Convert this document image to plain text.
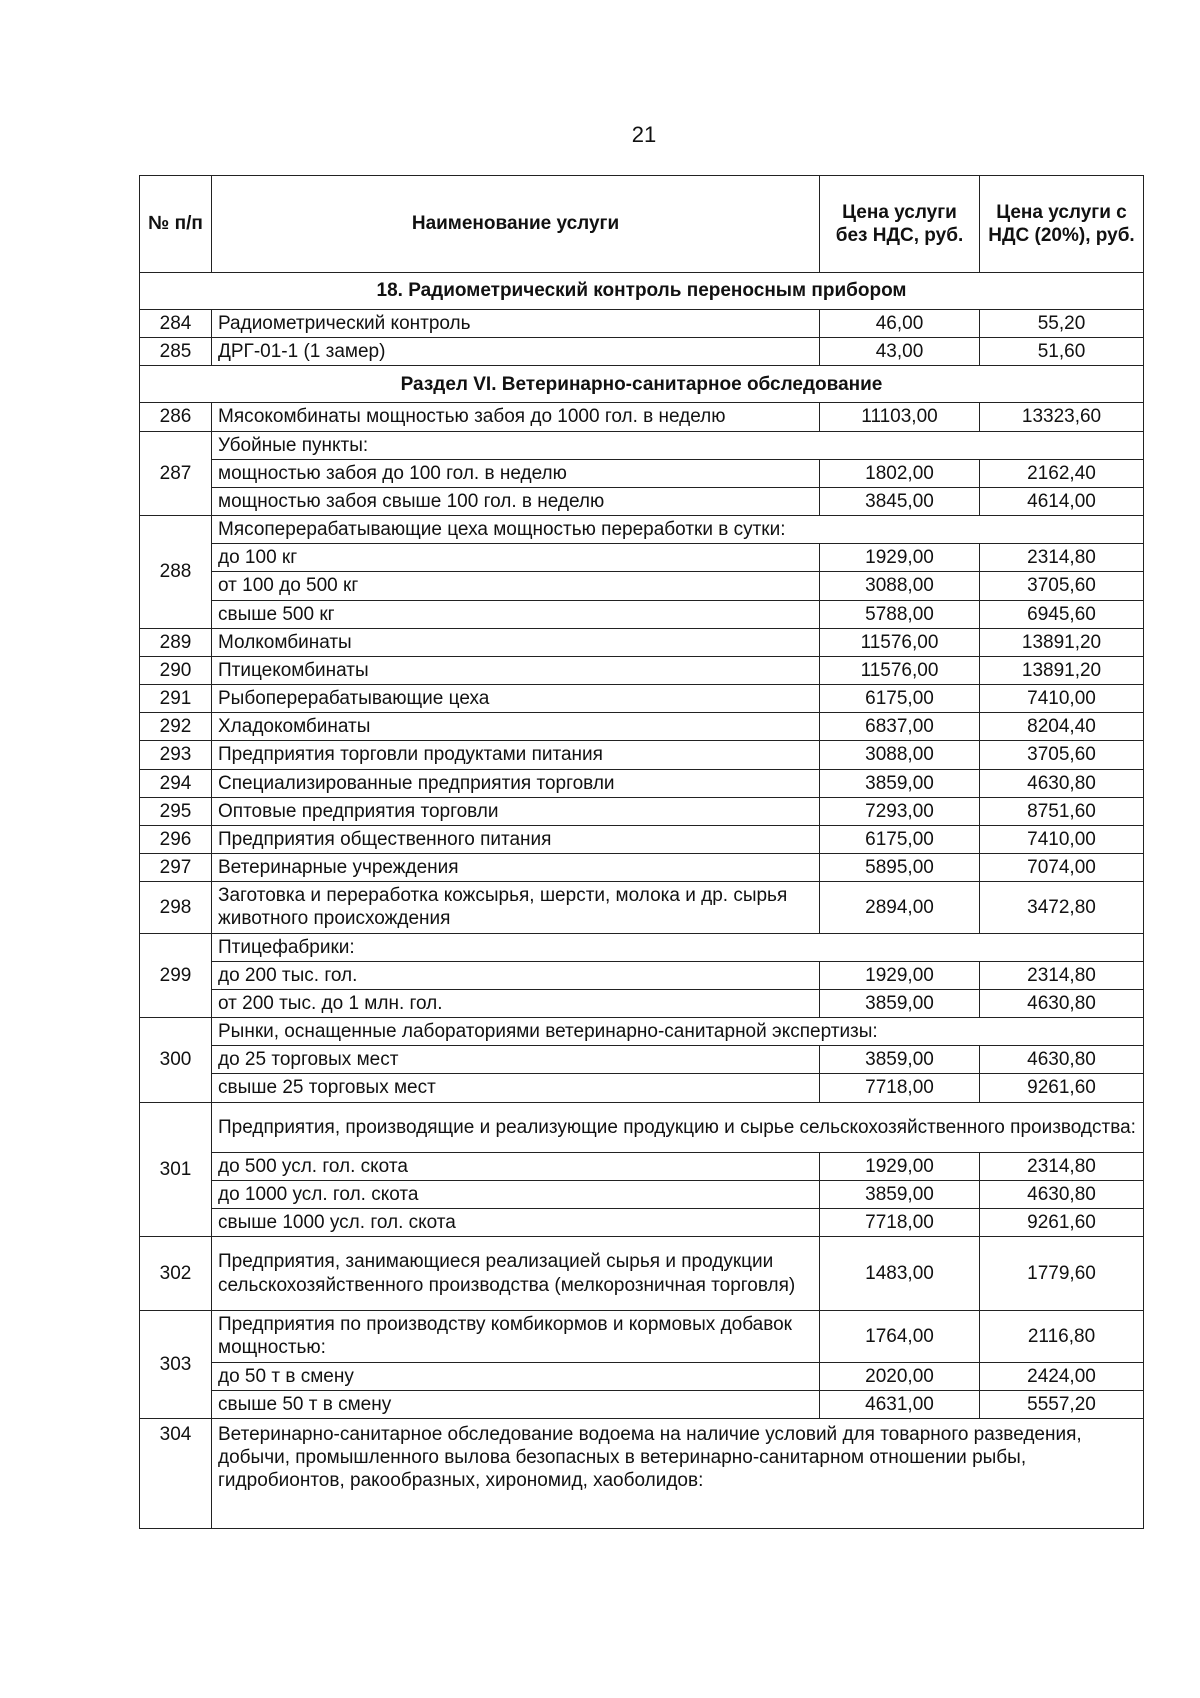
21
№ п/п	Наименование услуги	Цена услуги без НДС, руб.	Цена услуги с НДС (20%), руб.
18. Радиометрический контроль переносным прибором			
284	Радиометрический контроль	46,00	55,20
285	ДРГ-01-1 (1 замер)	43,00	51,60
Раздел VI. Ветеринарно-санитарное обследование			
286	Мясокомбинаты мощностью забоя до 1000 гол. в неделю	11103,00	13323,60
287	Убойные пункты:		
	мощностью забоя до 100 гол. в неделю	1802,00	2162,40
	мощностью забоя свыше 100 гол. в неделю	3845,00	4614,00
288	Мясоперерабатывающие цеха мощностью переработки в сутки:		
	до 100 кг	1929,00	2314,80
	от 100 до 500 кг	3088,00	3705,60
	свыше 500 кг	5788,00	6945,60
289	Молкомбинаты	11576,00	13891,20
290	Птицекомбинаты	11576,00	13891,20
291	Рыбоперерабатывающие цеха	6175,00	7410,00
292	Хладокомбинаты	6837,00	8204,40
293	Предприятия торговли продуктами питания	3088,00	3705,60
294	Специализированные предприятия торговли	3859,00	4630,80
295	Оптовые предприятия торговли	7293,00	8751,60
296	Предприятия общественного питания	6175,00	7410,00
297	Ветеринарные учреждения	5895,00	7074,00
298	Заготовка и переработка кожсырья, шерсти, молока и др. сырья животного происхождения	2894,00	3472,80
299	Птицефабрики:		
	до 200 тыс. гол.	1929,00	2314,80
	от 200 тыс. до 1 млн. гол.	3859,00	4630,80
300	Рынки, оснащенные лабораториями ветеринарно-санитарной экспертизы:		
	до 25 торговых мест	3859,00	4630,80
	свыше 25 торговых мест	7718,00	9261,60
301	Предприятия, производящие и реализующие продукцию и сырье сельскохозяйственного производства:		
	до 500 усл. гол. скота	1929,00	2314,80
	до 1000 усл. гол. скота	3859,00	4630,80
	свыше 1000 усл. гол. скота	7718,00	9261,60
302	Предприятия, занимающиеся реализацией сырья и продукции сельскохозяйственного производства (мелкорозничная торговля)	1483,00	1779,60
303	Предприятия по производству комбикормов и кормовых добавок мощностью:	1764,00	2116,80
	до 50 т в смену	2020,00	2424,00
	свыше 50 т в смену	4631,00	5557,20
304	Ветеринарно-санитарное обследование водоема на наличие условий для товарного разведения, добычи, промышленного вылова безопасных в ветеринарно-санитарном отношении рыбы, гидробионтов, ракообразных, хирономид, хаоболидов:		
